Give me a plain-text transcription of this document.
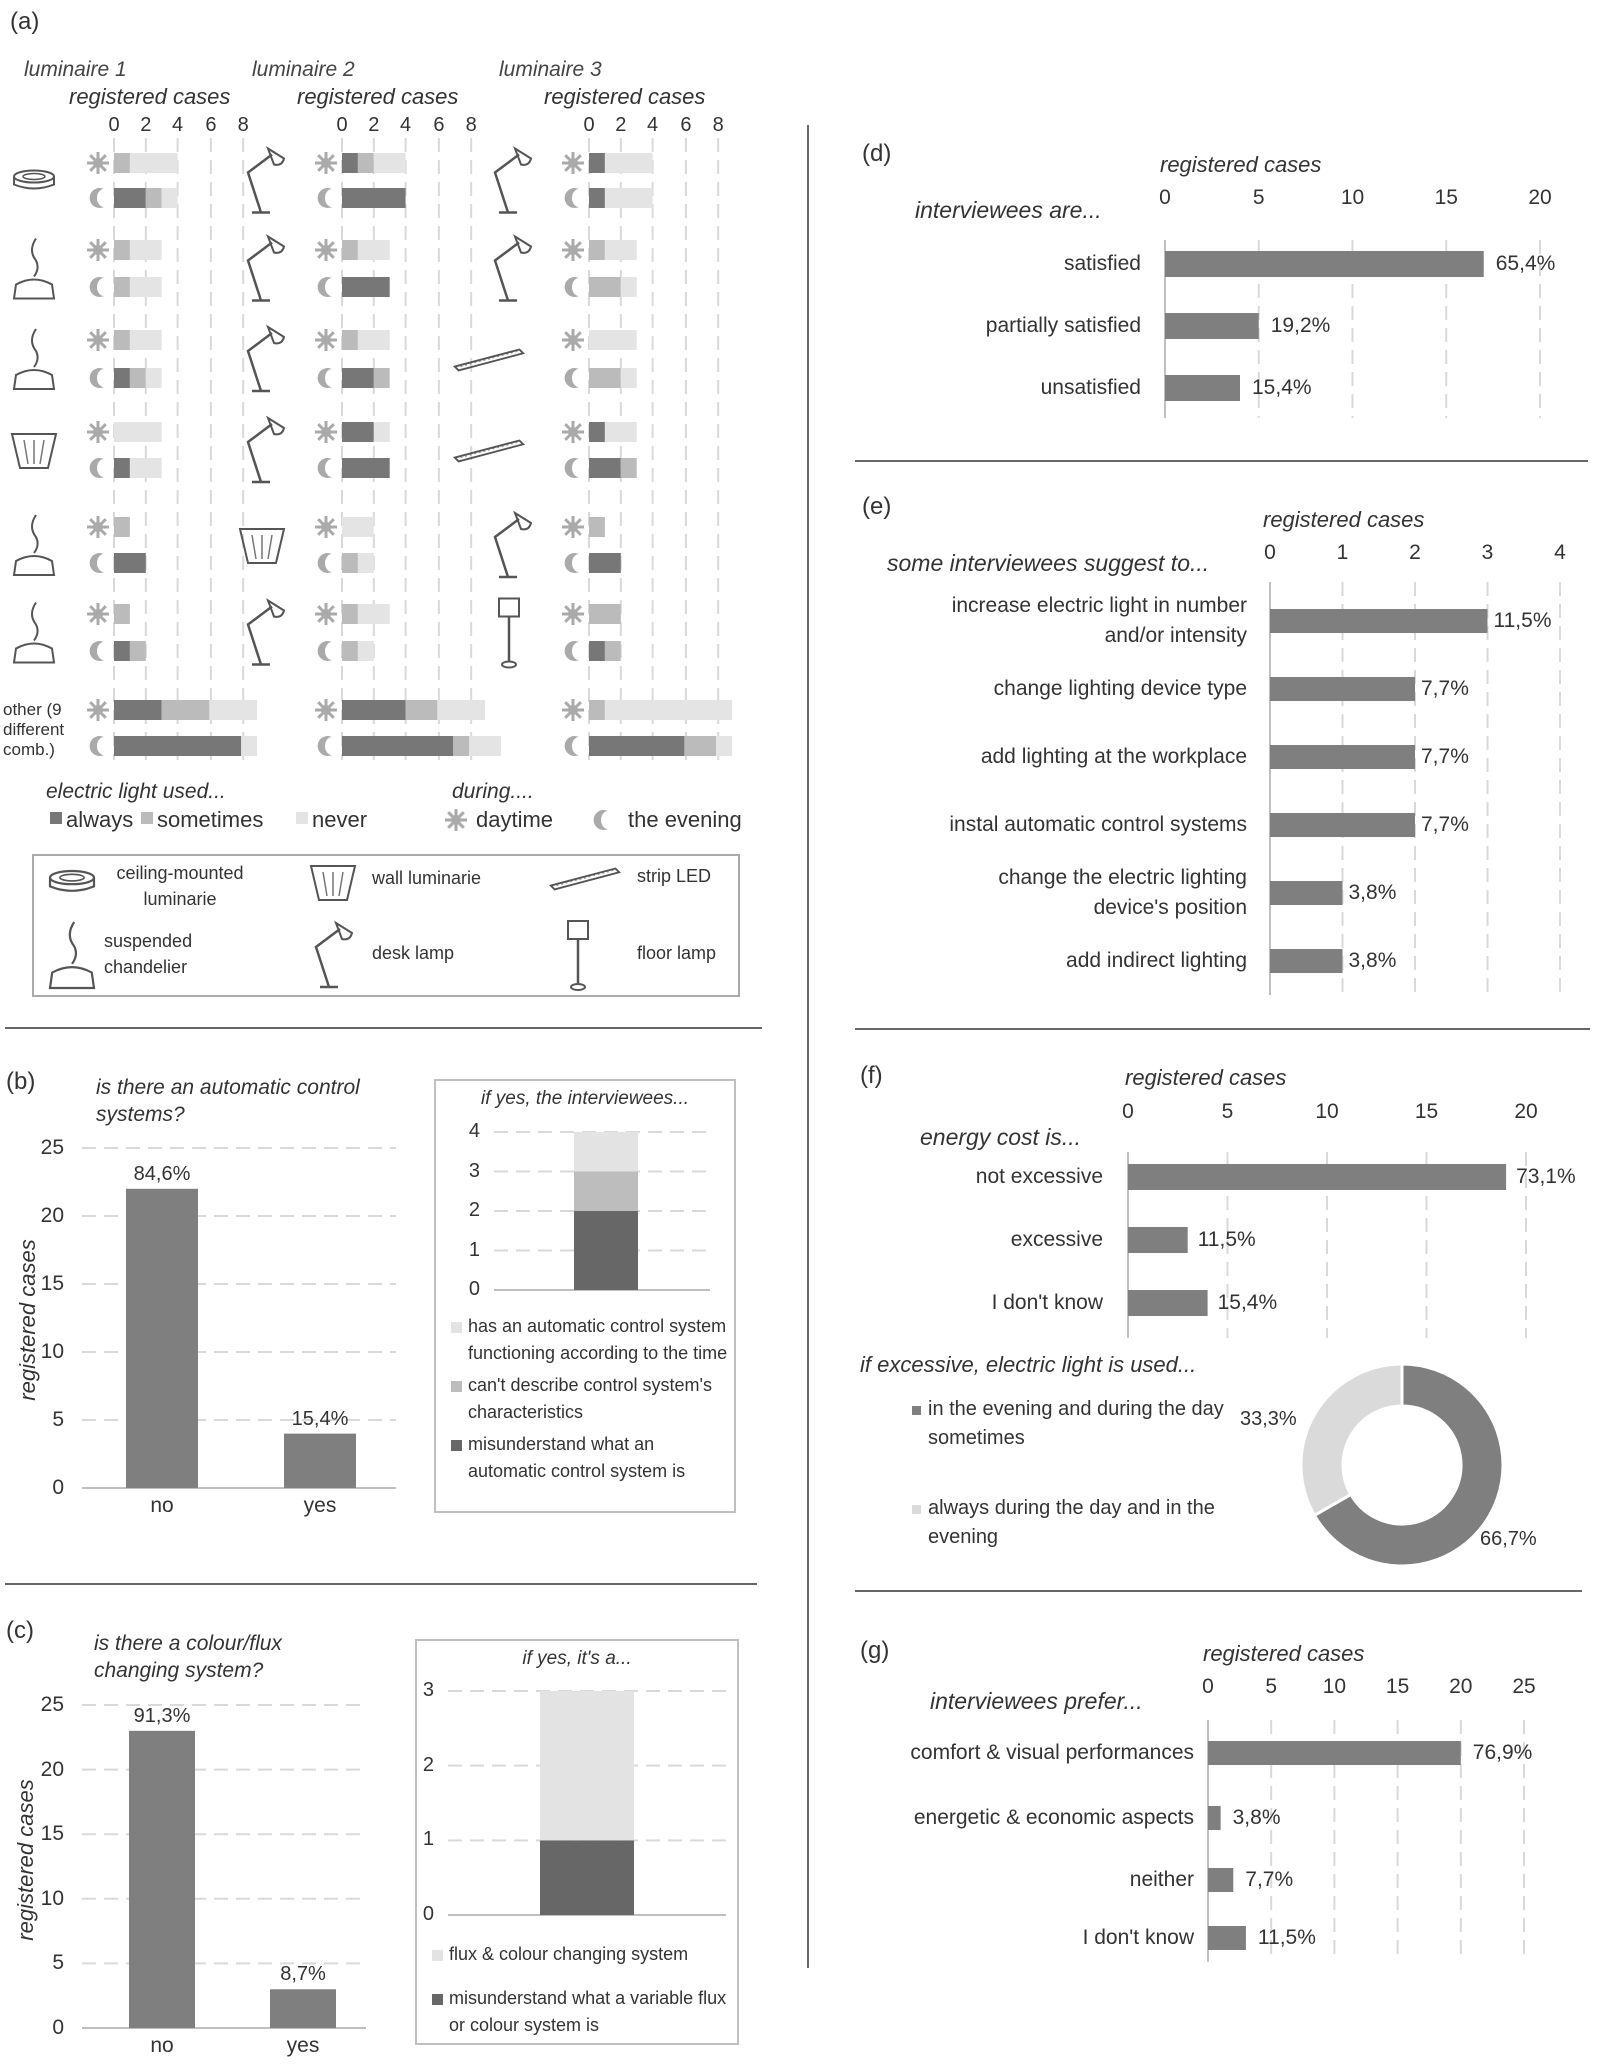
(a)
(b)
(c)
(d)
(e)
(f)
(g)
luminaire 1
registered cases
0 2 4 6 8
luminaire 2
registered cases
0 2 4 6 8
luminaire 3
registered cases
0 2 4 6 8
other (9 different comb.)
electric light used...
always sometimes never
during....
daytime	the evening
ceiling-mounted luminarie
wall luminarie	strip LED
suspended chandelier
desk lamp	floor lamp
is there an automatic control systems?
0
5
10
15
20
25
registered cases
84,6%
no
15,4%
yes
if yes, the interviewees...
0
1
2
3
4
has an automatic control system functioning according to the time
can't describe control system's characteristics
misunderstand what an automatic control system is
is there a colour/flux changing system?
0
5
10
15
20
25
registered cases
91,3%
no
8,7%
yes
if yes, it's a...
0
1
2
3
flux & colour changing system
misunderstand what a variable flux or colour system is
registered cases
interviewees are...	0	5	10	15	20
65,4%
satisfied
19,2%
partially satisfied
15,4%
unsatisfied
registered cases
some interviewees suggest to...	0	1	2	3	4
11,5%
increase electric light in number and/or intensity
7,7%
change lighting device type
7,7%
add lighting at the workplace
7,7%
instal automatic control systems
3,8%
change the electric lighting device's position
3,8%
add indirect lighting
registered cases
energy cost is...
0	5	10	15	20
73,1%
not excessive
11,5%
excessive
15,4%
I don't know
registered cases
interviewees prefer...
0 5 10 15 20 25
76,9%
comfort & visual performances
3,8%
energetic & economic aspects
7,7%
neither
11,5%
I don't know
if excessive, electric light is used...
66,7%
33,3%
in the evening and during the day sometimes
always during the day and in the evening
